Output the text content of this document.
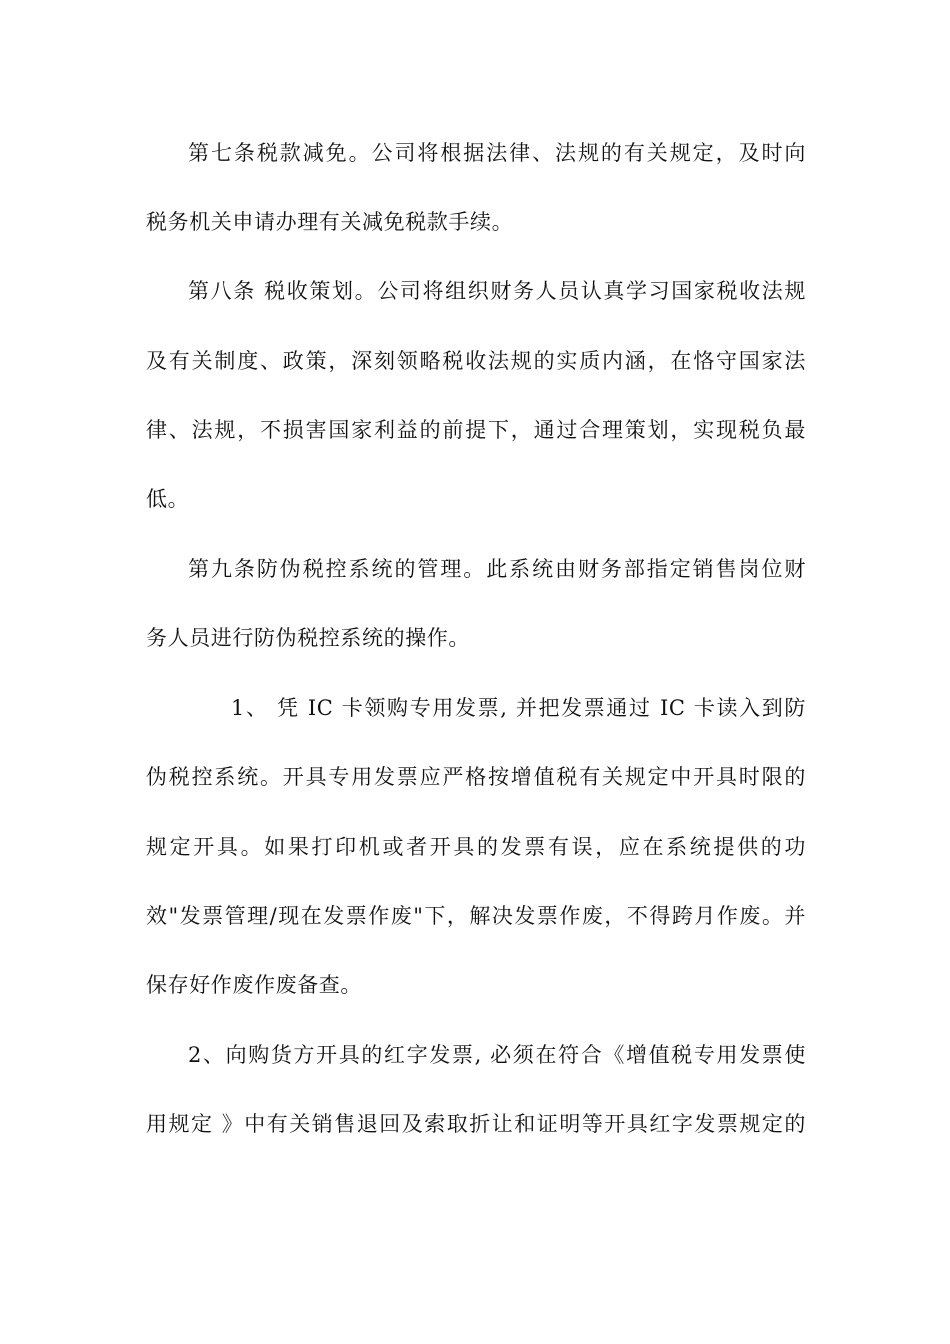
第七条税款减免。公司将根据法律、法规的有关规定，及时向
税务机关申请办理有关减免税款手续。
第八条 税收策划。公司将组织财务人员认真学习国家税收法规
及有关制度、政策，深刻领略税收法规的实质内涵，在恪守国家法
律、法规，不损害国家利益的前提下，通过合理策划，实现税负最
低。
第九条防伪税控系统的管理。此系统由财务部指定销售岗位财
务人员进行防伪税控系统的操作。
1、 凭 IC 卡领购专用发票, 并把发票通过 IC 卡读入到防
伪税控系统。开具专用发票应严格按增值税有关规定中开具时限的
规定开具。如果打印机或者开具的发票有误，应在系统提供的功
效"发票管理/现在发票作废"下，解决发票作废，不得跨月作废。并
保存好作废作废备查。
2、向购货方开具的红字发票, 必须在符合《增值税专用发票使
用规定 》中有关销售退回及索取折让和证明等开具红字发票规定的
